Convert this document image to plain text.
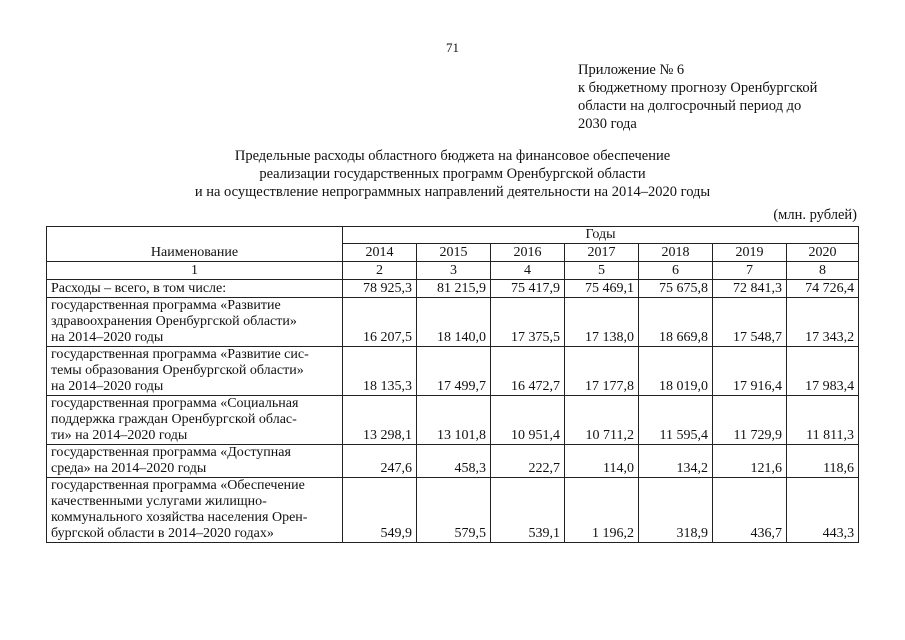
71
Приложение № 6
к бюджетному прогнозу Оренбургской
области на долгосрочный период до
2030 года
Предельные расходы областного бюджета на финансовое обеспечение
реализации государственных программ Оренбургской области
и на осуществление непрограммных направлений деятельности на 2014–2020 годы
(млн. рублей)
Наименование	Годы						
	2014	2015	2016	2017	2018	2019	2020
1	2	3	4	5	6	7	8

Расходы – всего, в том числе:	78 925,3	81 215,9	75 417,9	75 469,1	75 675,8	72 841,3	74 726,4

государственная программа «Развитие
здравоохранения Оренбургской области»
на 2014–2020 годы	16 207,5	18 140,0	17 375,5	17 138,0	18 669,8	17 548,7	17 343,2

государственная программа «Развитие сис-
темы образования Оренбургской области»
на 2014–2020 годы	18 135,3	17 499,7	16 472,7	17 177,8	18 019,0	17 916,4	17 983,4

государственная программа «Социальная
поддержка граждан Оренбургской облас-
ти» на 2014–2020 годы	13 298,1	13 101,8	10 951,4	10 711,2	11 595,4	11 729,9	11 811,3

государственная программа «Доступная
среда» на 2014–2020 годы	247,6	458,3	222,7	114,0	134,2	121,6	118,6

государственная программа «Обеспечение
качественными услугами жилищно-
коммунального хозяйства населения Орен-
бургской области в 2014–2020 годах»	549,9	579,5	539,1	1 196,2	318,9	436,7	443,3
